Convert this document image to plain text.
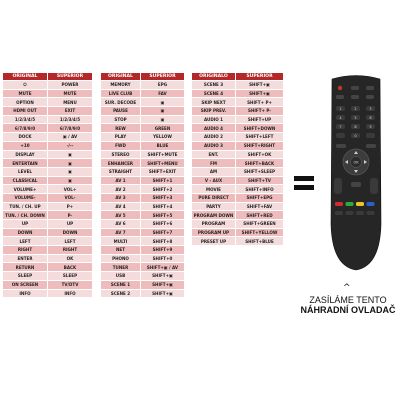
ORIGINAL	SUPERIOR
⏻	POWER
MUTE	MUTE
OPTION	MENU
HDMI OUT	EXIT
1/2/3/4/5	1/2/3/4/5
6/7/8/9/0	6/7/8/9/0
DOCK	▣ / AV
+10	-/--
DISPLAY	▣
ENTERTAIN	▣
LEVEL	▣
CLASSICAL	▣
VOLUME+	VOL+
VOLUME-	VOL-
TUN. / CH. UP	P+
TUN. / CH. DOWN	P-
UP	UP
DOWN	DOWN
LEFT	LEFT
RIGHT	RIGHT
ENTER	OK
RETURN	BACK
SLEEP	SLEEP
ON SCREEN	TV/DTV
INFO	INFO
ORIGINAL	SUPERIOR
MEMORY	EPG
LIVE CLUB	FAV
SUR. DECODE	▣
PAUSE	▣
STOP	▣
REW	GREEN
PLAY	YELLOW
FWD	BLUE
STEREO	SHIFT+MUTE
ENHANCER	SHIFT+MENU
STRAIGHT	SHIFT+EXIT
AV 1	SHIFT+1
AV 2	SHIFT+2
AV 3	SHIFT+3
AV 4	SHIFT+4
AV 5	SHIFT+5
AV 6	SHIFT+6
AV 7	SHIFT+7
MULTI	SHIFT+8
NET	SHIFT+9
PHONO	SHIFT+0
TUNER	SHIFT+▣ / AV
USB	SHIFT+▣
SCENE 1	SHIFT+▣
SCENE 2	SHIFT+▣
ORIGINALO	SUPERIOR
SCENE 3	SHIFT+▣
SCENE 4	SHIFT+▣
SKIP NEXT	SHIFT+ P+
SKIP PREV.	SHIFT+ P-
AUDIO 1	SHIFT+UP
AUDIO 4	SHIFT+DOWN
AUDIO 2	SHIFT+LEFT
AUDIO 3	SHIFT+RIGHT
ENT.	SHIFT+OK
FM	SHIFT+BACK
AM	SHIFT+SLEEP
V - AUX	SHIFT+TV
MOVIE	SHIFT+INFO
PURE DIRECT	SHIFT+EPG
PARTY	SHIFT+FAV
PROGRAM DOWN	SHIFT+RED
PROGRAM	SHIFT+GREEN
PROGRAM UP	SHIFT+YELLOW
PRESET UP	SHIFT+BLUE
1	2	3
4	5	6
7	8	9
0
OK
^
ZASÍLÁME TENTO
NÁHRADNÍ OVLADAČ
